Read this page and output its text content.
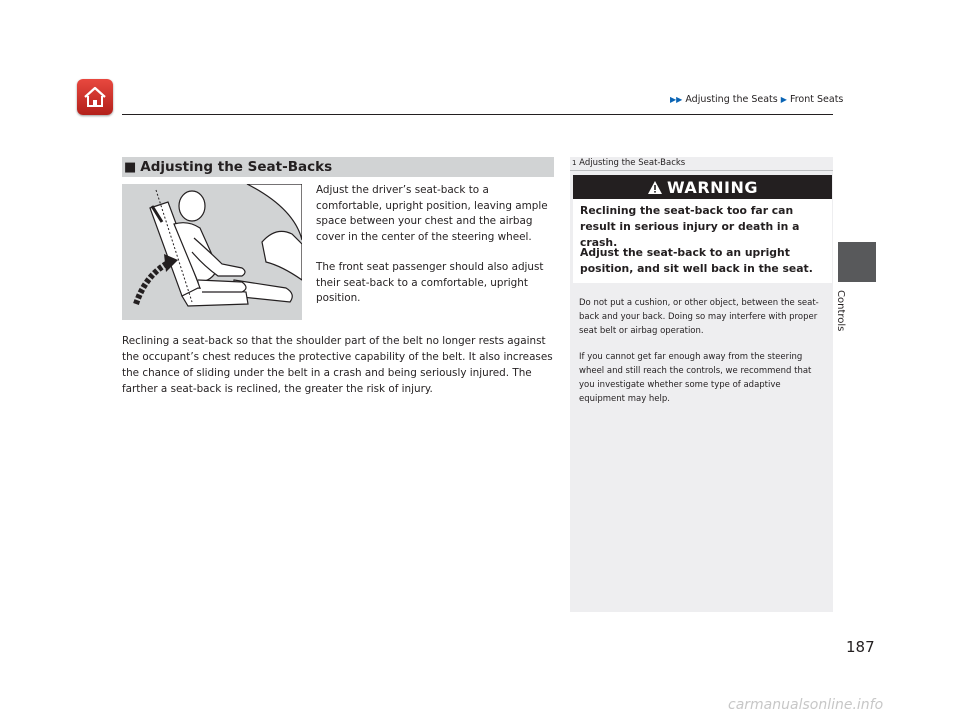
▶▶ Adjusting the Seats ▶ Front Seats
Controls
■ Adjusting the Seat-Backs

Adjust the driver’s seat-back to a comfortable, upright position, leaving ample space between your chest and the airbag cover in the center of the steering wheel.

The front seat passenger should also adjust their seat-back to a comfortable, upright position.

Reclining a seat-back so that the shoulder part of the belt no longer rests against the occupant’s chest reduces the protective capability of the belt. It also increases the chance of sliding under the belt in a crash and being seriously injured. The farther a seat-back is reclined, the greater the risk of injury.

1 Adjusting the Seat-Backs
WARNING

Reclining the seat-back too far can result in serious injury or death in a crash.

Adjust the seat-back to an upright position, and sit well back in the seat.

Do not put a cushion, or other object, between the seat-back and your back. Doing so may interfere with proper seat belt or airbag operation.

If you cannot get far enough away from the steering wheel and still reach the controls, we recommend that you investigate whether some type of adaptive equipment may help.

187
carmanualsonline.info
